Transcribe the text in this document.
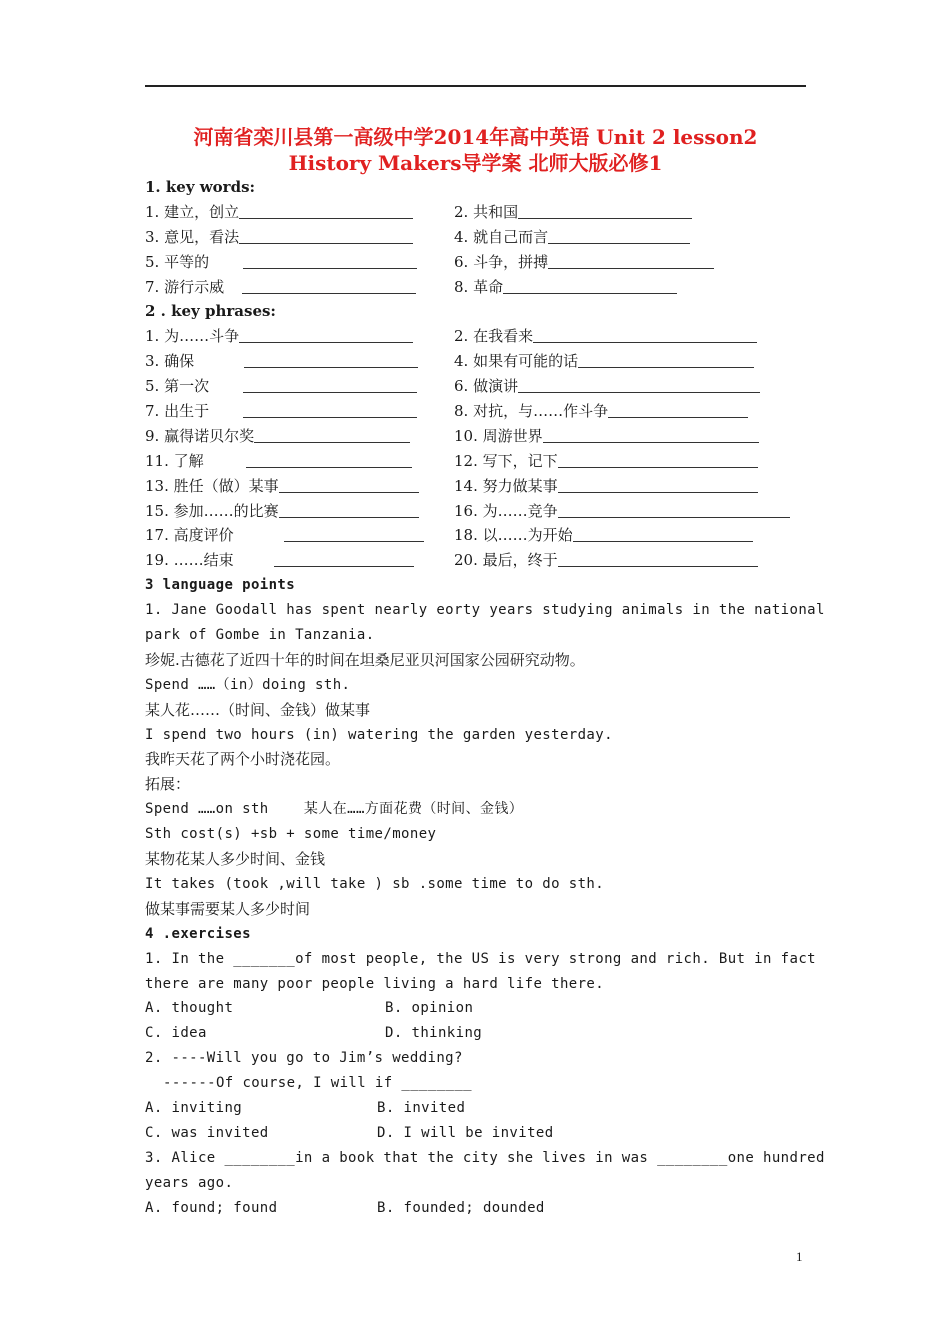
河南省栾川县第一高级中学2014年高中英语 Unit 2 lesson2
History Makers导学案 北师大版必修1
1. key words:
1. 建立，创立	2. 共和国
3. 意见，看法	4. 就自己而言
5. 平等的	6. 斗争，拼搏
7. 游行示威	8. 革命
2 . key phrases:
1. 为……斗争	2. 在我看来
3. 确保	4. 如果有可能的话
5. 第一次	6. 做演讲
7. 出生于	8. 对抗，与……作斗争
9. 赢得诺贝尔奖	10. 周游世界
11. 了解	12. 写下，记下
13. 胜任（做）某事	14. 努力做某事
15. 参加……的比赛	16. 为……竞争
17. 高度评价	18. 以……为开始
19. ……结束	20. 最后，终于
3 language points
1. Jane Goodall has spent nearly eorty years studying animals in the national
park of Gombe in Tanzania.
珍妮.古德花了近四十年的时间在坦桑尼亚贝河国家公园研究动物。
Spend ……（in）doing sth.
某人花……（时间、金钱）做某事
I spend two hours (in) watering the garden yesterday.
我昨天花了两个小时浇花园。
拓展：
Spend ……on sth    某人在……方面花费（时间、金钱）
Sth cost(s) +sb + some time/money
某物花某人多少时间、金钱
It takes (took ,will take ) sb .some time to do sth.
做某事需要某人多少时间
4 .exercises
1. In the _______of most people, the US is very strong and rich. But in fact
there are many poor people living a hard life there.
A. thought	B. opinion
C. idea	D. thinking
2. ----Will you go to Jim’s wedding?
------Of course, I will if ________
A. inviting	B. invited
C. was invited	D. I will be invited
3. Alice ________in a book that the city she lives in was ________one hundred
years ago.
A. found; found	B. founded; dounded
1
